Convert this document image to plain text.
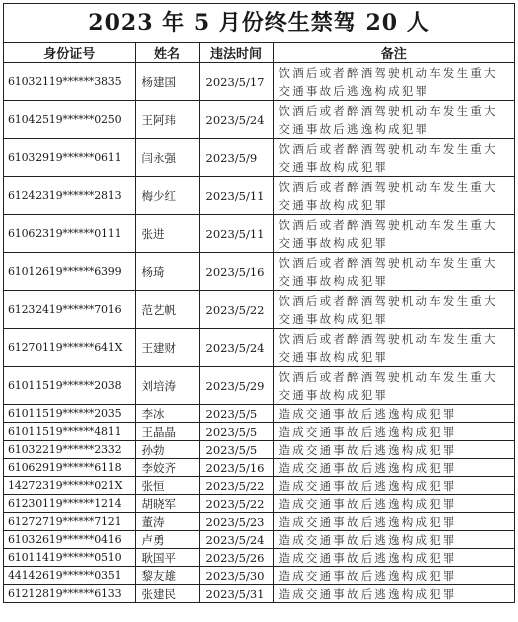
2023 年 5 月份终生禁驾 20 人
身份证号	姓名	违法时间	备注
61032119******3835	杨建国	2023/5/17	饮酒后或者醉酒驾驶机动车发生重大交通事故后逃逸构成犯罪
61042519******0250	王阿玮	2023/5/24	饮酒后或者醉酒驾驶机动车发生重大交通事故后逃逸构成犯罪
61032919******0611	闫永强	2023/5/9	饮酒后或者醉酒驾驶机动车发生重大交通事故构成犯罪
61242319******2813	梅少红	2023/5/11	饮酒后或者醉酒驾驶机动车发生重大交通事故构成犯罪
61062319******0111	张进	2023/5/11	饮酒后或者醉酒驾驶机动车发生重大交通事故构成犯罪
61012619******6399	杨琦	2023/5/16	饮酒后或者醉酒驾驶机动车发生重大交通事故构成犯罪
61232419******7016	范艺帆	2023/5/22	饮酒后或者醉酒驾驶机动车发生重大交通事故构成犯罪
61270119******641X	王建财	2023/5/24	饮酒后或者醉酒驾驶机动车发生重大交通事故构成犯罪
61011519******2038	刘培涛	2023/5/29	饮酒后或者醉酒驾驶机动车发生重大交通事故构成犯罪
61011519******2035	李冰	2023/5/5	造成交通事故后逃逸构成犯罪
61011519******4811	王晶晶	2023/5/5	造成交通事故后逃逸构成犯罪
61032219******2332	孙勃	2023/5/5	造成交通事故后逃逸构成犯罪
61062919******6118	李姣齐	2023/5/16	造成交通事故后逃逸构成犯罪
14272319******021X	张恒	2023/5/22	造成交通事故后逃逸构成犯罪
61230119******1214	胡晓军	2023/5/22	造成交通事故后逃逸构成犯罪
61272719******7121	董涛	2023/5/23	造成交通事故后逃逸构成犯罪
61032619******0416	卢勇	2023/5/24	造成交通事故后逃逸构成犯罪
61011419******0510	耿国平	2023/5/26	造成交通事故后逃逸构成犯罪
44142619******0351	黎友雄	2023/5/30	造成交通事故后逃逸构成犯罪
61212819******6133	张建民	2023/5/31	造成交通事故后逃逸构成犯罪
